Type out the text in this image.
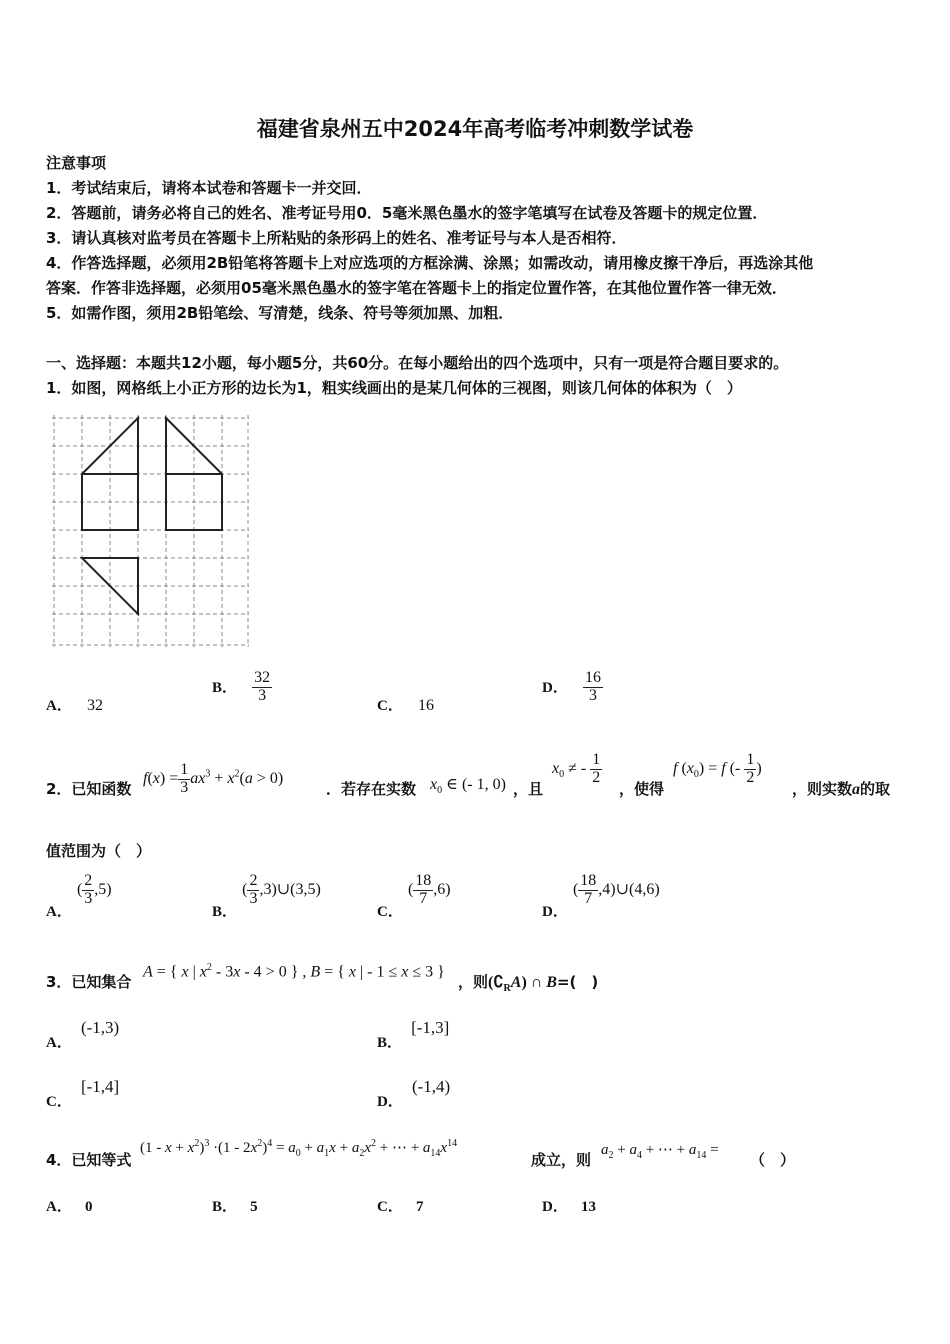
福建省泉州五中2024年高考临考冲刺数学试卷
注意事项
1．考试结束后，请将本试卷和答题卡一并交回．
2．答题前，请务必将自己的姓名、准考证号用0．5毫米黑色墨水的签字笔填写在试卷及答题卡的规定位置．
3．请认真核对监考员在答题卡上所粘贴的条形码上的姓名、准考证号与本人是否相符．
4．作答选择题，必须用2B铅笔将答题卡上对应选项的方框涂满、涂黑；如需改动，请用橡皮擦干净后，再选涂其他
答案．作答非选择题，必须用05毫米黑色墨水的签字笔在答题卡上的指定位置作答，在其他位置作答一律无效．
5．如需作图，须用2B铅笔绘、写清楚，线条、符号等须加黑、加粗．
一、选择题：本题共12小题，每小题5分，共60分。在每小题给出的四个选项中，只有一项是符合题目要求的。
1．如图，网格纸上小正方形的边长为1，粗实线画出的是某几何体的三视图，则该几何体的体积为（　）
A． 32
B． $\frac{32}{3}$
C． 16
D． $\frac{16}{3}$
2．已知函数
$f(x) = \frac{1}{3} ax^3 + x^2(a > 0)$
．若存在实数 $x_0$ ∈ (- 1, 0) ，且
$x_0$ ≠ - $\frac{1}{2}$
，使得
f $(x_0) = f$ (- $\frac{1}{2}$ )
，则实数a的取
值范围为（　）
A． ( $\frac{2}{3} ,5$)
B． ( $\frac{2}{3}$ ,3)∪(3,5)
C． ( $\frac{18}{7} ,6$)
D． ( $\frac{18}{7}$ ,4)∪(4,6)
3．已知集合
A = { x | $x^2 - 3x - 4 > 0$ } , B = { x | - 1 ≤ x ≤ 3 }
，则$(∁_RA)$ ∩ B=(　)
A． (-1,3)
B． [-1,3]
C． [-1,4]
D． (-1,4)
4．已知等式
$(1 - x + x^2)^3 \cdot(1 - 2x^2)^4 = a_0 + a_1x + a_2x^2$ + ⋯ + $a_{14}x^{14}$
成立，则
$a_2 + a_4$ + ⋯ + $a_{14}$ =
（　）
A． 0	B． 5	C． 7	D． 13
